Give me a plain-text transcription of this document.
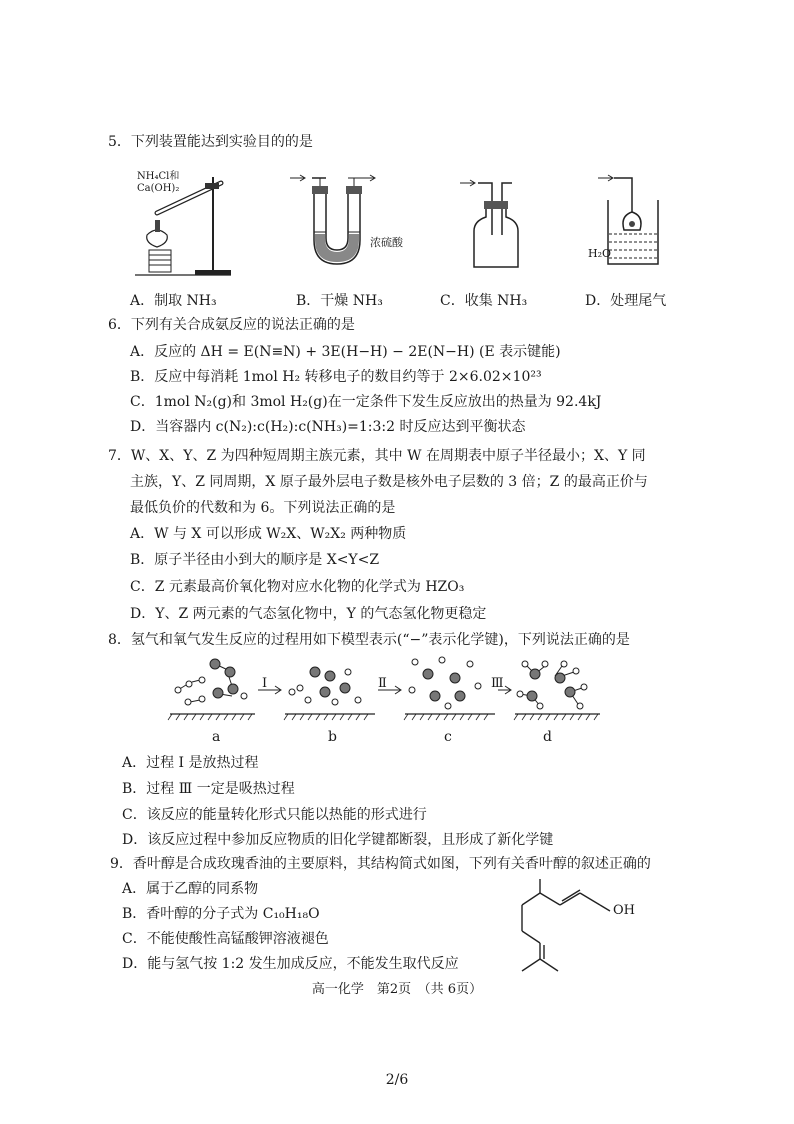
5．下列装置能达到实验目的的是
NH₄Cl和
Ca(OH)₂
浓硫酸
H₂O
A．制取 NH₃	B．干燥 NH₃	C．收集 NH₃	D．处理尾气
6．下列有关合成氨反应的说法正确的是
A．反应的 ΔH = E(N≡N) + 3E(H−H) − 2E(N−H) (E 表示键能)
B．反应中每消耗 1mol H₂ 转移电子的数目约等于 2×6.02×10²³
C．1mol N₂(g)和 3mol H₂(g)在一定条件下发生反应放出的热量为 92.4kJ
D．当容器内 c(N₂):c(H₂):c(NH₃)=1:3:2 时反应达到平衡状态
7．W、X、Y、Z 为四种短周期主族元素，其中 W 在周期表中原子半径最小；X、Y 同
主族，Y、Z 同周期，X 原子最外层电子数是核外电子层数的 3 倍；Z 的最高正价与
最低负价的代数和为 6。下列说法正确的是
A．W 与 X 可以形成 W₂X、W₂X₂ 两种物质
B．原子半径由小到大的顺序是 X<Y<Z
C．Z 元素最高价氧化物对应水化物的化学式为 HZO₃
D．Y、Z 两元素的气态氢化物中，Y 的气态氢化物更稳定
8．氢气和氧气发生反应的过程用如下模型表示(“−”表示化学键)，下列说法正确的是
Ⅰ	Ⅱ	Ⅲ
a	b	c	d
A．过程 Ⅰ 是放热过程
B．过程 Ⅲ 一定是吸热过程
C．该反应的能量转化形式只能以热能的形式进行
D．该反应过程中参加反应物质的旧化学键都断裂，且形成了新化学键
9．香叶醇是合成玫瑰香油的主要原料，其结构简式如图，下列有关香叶醇的叙述正确的
A．属于乙醇的同系物
B．香叶醇的分子式为 C₁₀H₁₈O
C．不能使酸性高锰酸钾溶液褪色
D．能与氢气按 1:2 发生加成反应，不能发生取代反应
OH
高一化学　第2页　（共 6页）
2/6
